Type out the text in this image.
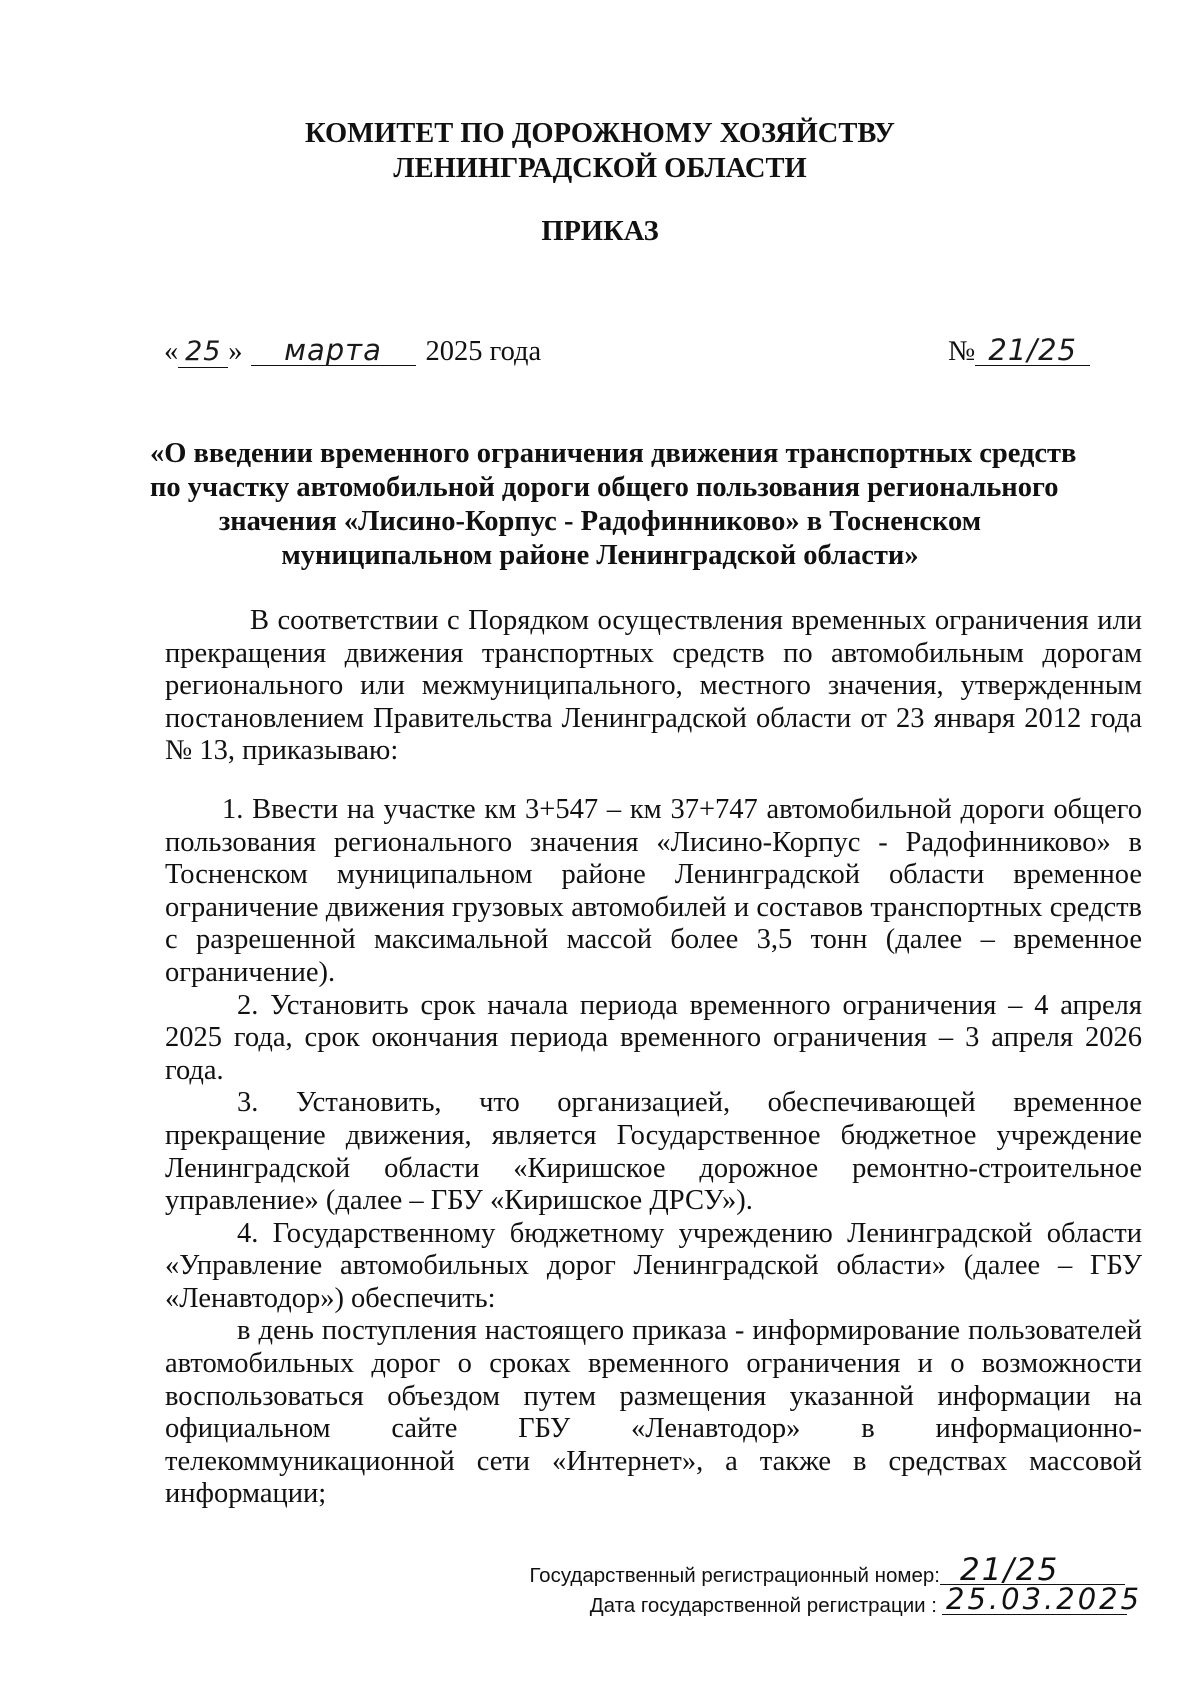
КОМИТЕТ ПО ДОРОЖНОМУ ХОЗЯЙСТВУ
ЛЕНИНГРАДСКОЙ ОБЛАСТИ
ПРИКАЗ
« 25 » марта 2025 года	№ 21/25
«О введении временного ограничения движения транспортных средств
по участку автомобильной дороги общего пользования регионального
значения «Лисино-Корпус - Радофинниково» в Тосненском
муниципальном районе Ленинградской области»

В соответствии с Порядком осуществления временных ограничения или прекращения движения транспортных средств по автомобильным дорогам регионального или межмуниципального, местного значения, утвержденным постановлением Правительства Ленинградской области от 23 января 2012 года № 13, приказываю:

1. Ввести на участке км 3+547 – км 37+747 автомобильной дороги общего пользования регионального значения «Лисино-Корпус - Радофинниково» в Тосненском муниципальном районе Ленинградской области временное ограничение движения грузовых автомобилей и составов транспортных средств с разрешенной максимальной массой более 3,5 тонн (далее – временное ограничение).

2. Установить срок начала периода временного ограничения – 4 апреля 2025 года, срок окончания периода временного ограничения – 3 апреля 2026 года.

3. Установить, что организацией, обеспечивающей временное прекращение движения, является Государственное бюджетное учреждение Ленинградской области «Киришское дорожное ремонтно-строительное управление» (далее – ГБУ «Киришское ДРСУ»).

4. Государственному бюджетному учреждению Ленинградской области «Управление автомобильных дорог Ленинградской области» (далее – ГБУ «Ленавтодор») обеспечить:

в день поступления настоящего приказа - информирование пользователей автомобильных дорог о сроках временного ограничения и о возможности воспользоваться объездом путем размещения указанной информации на официальном сайте ГБУ «Ленавтодор» в информационно-телекоммуникационной сети «Интернет», а также в средствах массовой информации;

Государственный регистрационный номер: 21/25
Дата государственной регистрации : 25.03.2025
